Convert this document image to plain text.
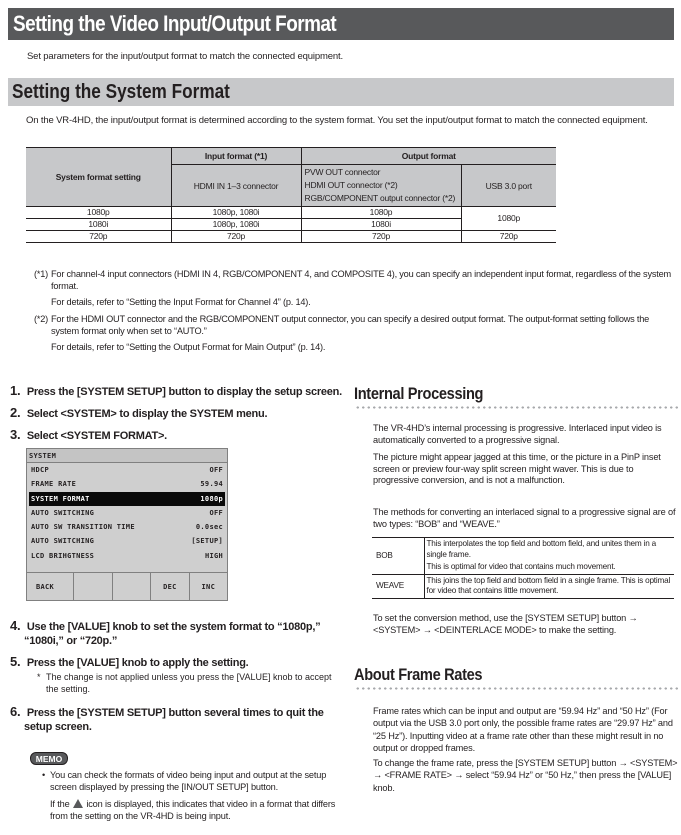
Setting the Video Input/Output Format
Set parameters for the input/output format to match the connected equipment.
Setting the System Format
On the VR-4HD, the input/output format is determined according to the system format. You set the input/output format to match the connected equipment.
System format setting	Input format (*1)	Output format	
	HDMI IN 1–3 connector	PVW OUT connector
HDMI OUT connector (*2)
RGB/COMPONENT output connector (*2)	USB 3.0 port
1080p	1080p, 1080i	1080p	1080p
1080i	1080p, 1080i	1080i	
720p	720p	720p	720p
(*1) For channel-4 input connectors (HDMI IN 4, RGB/COMPONENT 4, and COMPOSITE 4), you can specify an independent input format, regardless of the system format.
For details, refer to “Setting the Input Format for Channel 4” (p. 14).
(*2) For the HDMI OUT connector and the RGB/COMPONENT output connector, you can specify a desired output format. The output-format setting follows the system format only when set to “AUTO.”
For details, refer to “Setting the Output Format for Main Output” (p. 14).
1. Press the [SYSTEM SETUP] button to display the setup screen.
2. Select <SYSTEM> to display the SYSTEM menu.
3. Select <SYSTEM FORMAT>.
SYSTEM
HDCP	OFF
FRAME RATE	59.94
SYSTEM FORMAT	1080p
AUTO SWITCHING	OFF
AUTO SW TRANSITION TIME	0.0sec
AUTO SWITCHING	[SETUP]
LCD BRIHGTNESS	HIGH
BACK	DEC	INC
4. Use the [VALUE] knob to set the system format to “1080p,”
“1080i,” or “720p.”
5. Press the [VALUE] knob to apply the setting.
* The change is not applied unless you press the [VALUE] knob to accept the setting.
6. Press the [SYSTEM SETUP] button several times to quit the
setup screen.
MEMO
• You can check the formats of video being input and output at the setup screen displayed by pressing the [IN/OUT SETUP] button.
If the  icon is displayed, this indicates that video in a format that differs from the setting on the VR-4HD is being input.
Internal Processing
The VR-4HD’s internal processing is progressive. Interlaced input video is automatically converted to a progressive signal.
The picture might appear jagged at this time, or the picture in a PinP inset screen or preview four-way split screen might waver. This is due to progressive conversion, and is not a malfunction.
The methods for converting an interlaced signal to a progressive signal are of two types: “BOB” and “WEAVE.”
BOB	This interpolates the top field and bottom field, and unites them in a single frame.
This is optimal for video that contains much movement.

WEAVE	This joins the top field and bottom field in a single frame. This is optimal for video that contains little movement.
To set the conversion method, use the [SYSTEM SETUP] button → <SYSTEM> → <DEINTERLACE MODE> to make the setting.
About Frame Rates
Frame rates which can be input and output are “59.94 Hz” and “50 Hz” (For output via the USB 3.0 port only, the possible frame rates are “29.97 Hz” and “25 Hz”). Inputting video at a frame rate other than these might result in no output or dropped frames.
To change the frame rate, press the [SYSTEM SETUP] button → <SYSTEM> → <FRAME RATE> → select “59.94 Hz” or “50 Hz,” then press the [VALUE] knob.
